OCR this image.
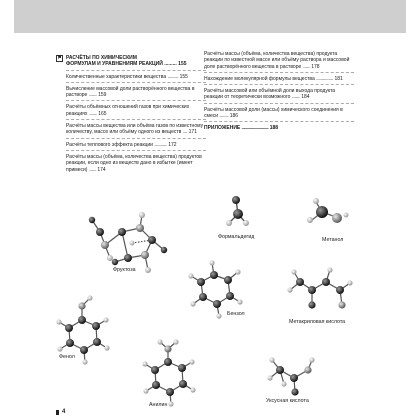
⚑ РАСЧЁТЫ ПО ХИМИЧЕСКИМ
ФОРМУЛАМ И УРАВНЕНИЯМ РЕАКЦИЙ ......... 155
Количественные характеристики вещества ............ 155
Вычисление массовой доли растворённого вещества в растворе ......... 159
Расчёты объёмных отношений газов при химических реакциях ......... 165
Расчёты массы вещества или объёма газов по известному количеству, массе или объёму одного из веществ ..... 171
Расчёты теплового эффекта реакции .............. 172
Расчёты массы (объёма, количества вещества) продуктов реакции, если одно из веществ дано в избытке (имеет примеси) ........ 174
Расчёты массы (объёма, количества вещества) продукта реакции по известной массе или объёму раствора и массовой доле растворённого вещества в растворе ........ 178
Нахождение молекулярной формулы вещества ................... 181
Расчёты массовой или объёмной доли выхода продукта реакции от теоретически возможного ......... 184
Расчёты массовой доли (массы) химического соединения в смеси .......... 186
ПРИЛОЖЕНИЕ .............................. 188
Фруктоза
Формальдегид	Метанол
Бензол
Метакриловая кислота
Фенол
Анилин
Уксусная кислота
4
